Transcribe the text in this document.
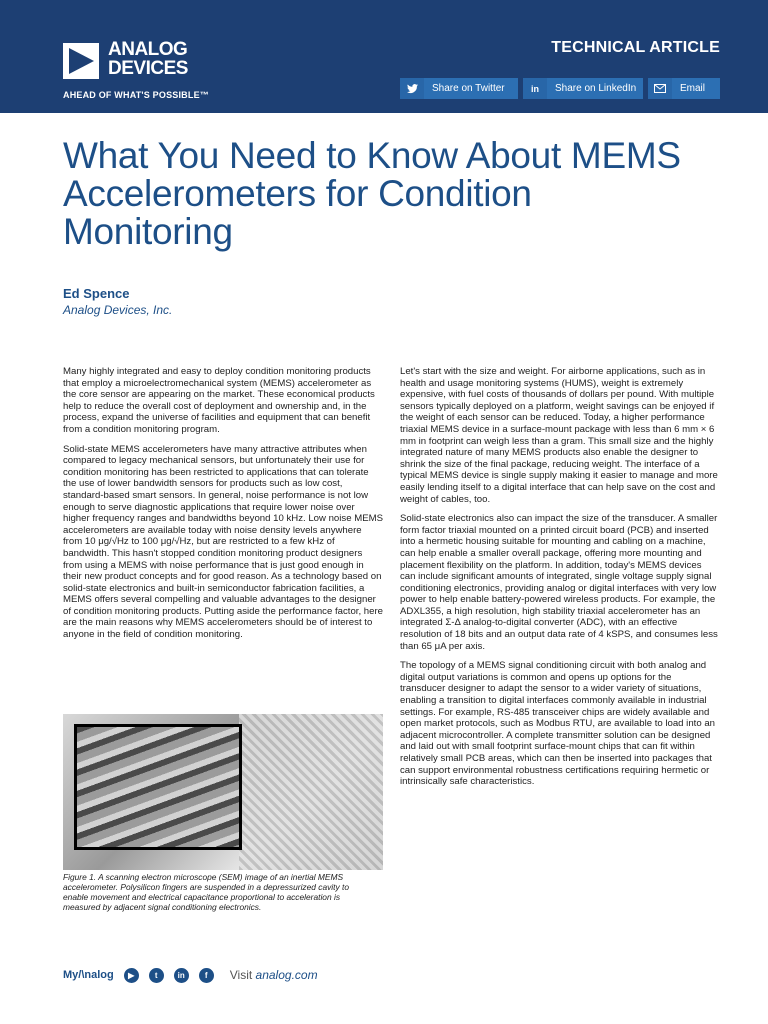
ANALOG
DEVICES
AHEAD OF WHAT'S POSSIBLE™
TECHNICAL ARTICLE
Share on Twitter	in	Share on LinkedIn	Email
What You Need to Know About MEMS Accelerometers for Condition Monitoring
Ed Spence
Analog Devices, Inc.

Many highly integrated and easy to deploy condition monitoring products that employ a microelectromechanical system (MEMS) accelerometer as the core sensor are appearing on the market. These economical products help to reduce the overall cost of deployment and ownership and, in the process, expand the universe of facilities and equipment that can benefit from a condition monitoring program.

Solid-state MEMS accelerometers have many attractive attributes when compared to legacy mechanical sensors, but unfortunately their use for condition monitoring has been restricted to applications that can tolerate the use of lower bandwidth sensors for products such as low cost, standard-based smart sensors. In general, noise performance is not low enough to serve diagnostic applications that require lower noise over higher frequency ranges and bandwidths beyond 10 kHz. Low noise MEMS accelerometers are available today with noise density levels anywhere from 10 μg/√Hz to 100 μg/√Hz, but are restricted to a few kHz of bandwidth. This hasn't stopped condition monitoring product designers from using a MEMS with noise performance that is just good enough in their new product concepts and for good reason. As a technology based on solid-state electronics and built-in semiconductor fabrication facilities, a MEMS offers several compelling and valuable advantages to the designer of condition monitoring products. Putting aside the performance factor, here are the main reasons why MEMS accelerometers should be of interest to anyone in the field of condition monitoring.

Figure 1. A scanning electron microscope (SEM) image of an inertial MEMS accelerometer. Polysilicon fingers are suspended in a depressurized cavity to enable movement and electrical capacitance proportional to acceleration is measured by adjacent signal conditioning electronics.

Let's start with the size and weight. For airborne applications, such as in health and usage monitoring systems (HUMS), weight is extremely expensive, with fuel costs of thousands of dollars per pound. With multiple sensors typically deployed on a platform, weight savings can be enjoyed if the weight of each sensor can be reduced. Today, a higher performance triaxial MEMS device in a surface-mount package with less than 6 mm × 6 mm in footprint can weigh less than a gram. This small size and the highly integrated nature of many MEMS products also enable the designer to shrink the size of the final package, reducing weight. The interface of a typical MEMS device is single supply making it easier to manage and more easily lending itself to a digital interface that can help save on the cost and weight of cables, too.

Solid-state electronics also can impact the size of the transducer. A smaller form factor triaxial mounted on a printed circuit board (PCB) and inserted into a hermetic housing suitable for mounting and cabling on a machine, can help enable a smaller overall package, offering more mounting and placement flexibility on the platform. In addition, today's MEMS devices can include significant amounts of integrated, single voltage supply signal conditioning electronics, providing analog or digital interfaces with very low power to help enable battery-powered wireless products. For example, the ADXL355, a high resolution, high stability triaxial accelerometer has an integrated Σ-Δ analog-to-digital converter (ADC), with an effective resolution of 18 bits and an output data rate of 4 kSPS, and consumes less than 65 μA per axis.

The topology of a MEMS signal conditioning circuit with both analog and digital output variations is common and opens up options for the transducer designer to adapt the sensor to a wider variety of situations, enabling a transition to digital interfaces commonly available in industrial settings. For example, RS-485 transceiver chips are widely available and open market protocols, such as Modbus RTU, are available to load into an adjacent microcontroller. A complete transmitter solution can be designed and laid out with small footprint surface-mount chips that can fit within relatively small PCB areas, which can then be inserted into packages that can support environmental robustness certifications requiring hermetic or intrinsically safe characteristics.

My/\nalog	▶	t	in	f	Visit analog.com
